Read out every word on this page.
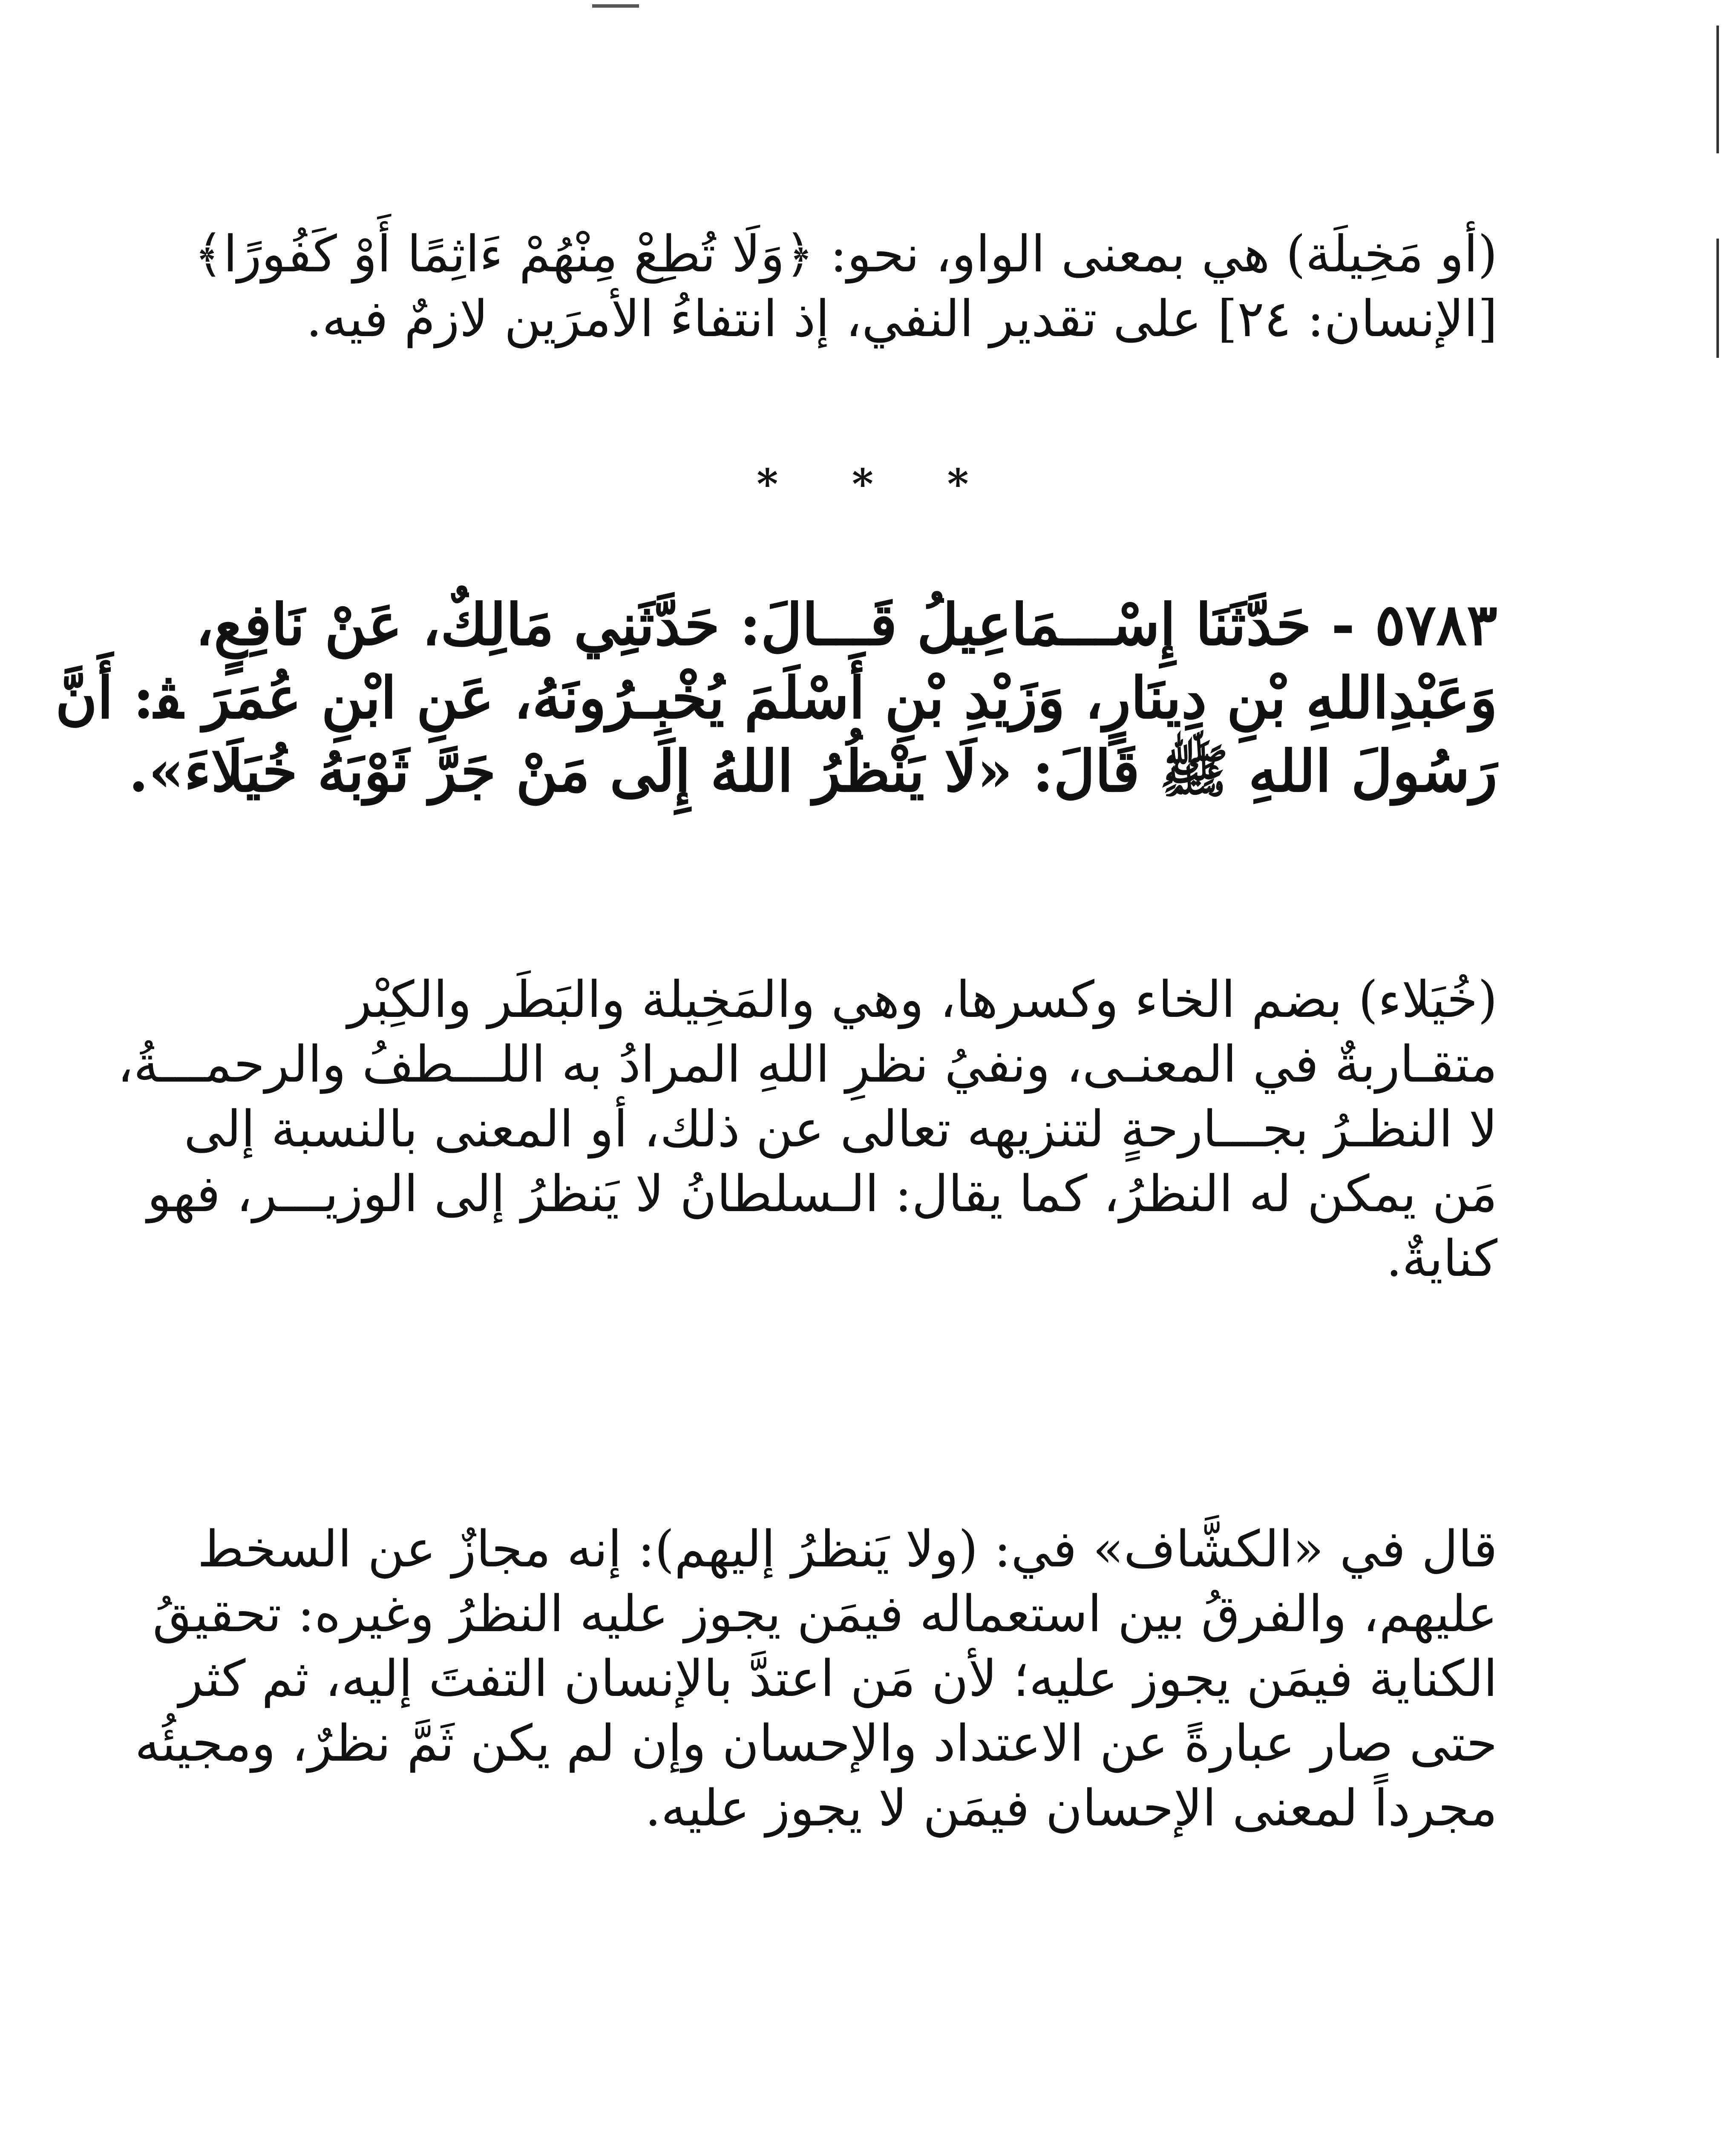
(أو مَخِيلَة) هي بمعنى الواو، نحو: ﴿وَلَا تُطِعْ مِنْهُمْ ءَاثِمًا أَوْ كَفُورًا﴾
[الإنسان: ٢٤] على تقدير النفي، إذ انتفاءُ الأمرَين لازمٌ فيه.
* * *
٥٧٨٣ - حَدَّثَنَا إِسْـــمَاعِيلُ قَـــالَ: حَدَّثَنِي مَالِكٌ، عَنْ نَافِعٍ،
وَعَبْدِاللهِ بْنِ دِينَارٍ، وَزَيْدِ بْنِ أَسْلَمَ يُخْبِـرُونَهُ، عَنِ ابْنِ عُمَرَ ﭭ: أَنَّ
رَسُولَ اللهِ ﷺ قَالَ: «لَا يَنْظُرُ اللهُ إِلَى مَنْ جَرَّ ثَوْبَهُ خُيَلَاءَ».
(خُيَلاء) بضم الخاء وكسرها، وهي والمَخِيلة والبَطَر والكِبْر
متقـاربةٌ في المعنـى، ونفيُ نظرِ اللهِ المرادُ به اللـــطفُ والرحمـــةُ،
لا النظـرُ بجـــارحةٍ لتنزيهه تعالى عن ذلك، أو المعنى بالنسبة إلى
مَن يمكن له النظرُ، كما يقال: الـسلطانُ لا يَنظرُ إلى الوزيـــر، فهو
كنايةٌ.
قال في «الكشَّاف» في: (ولا يَنظرُ إليهم): إنه مجازٌ عن السخط
عليهم، والفرقُ بين استعماله فيمَن يجوز عليه النظرُ وغيره: تحقيقُ
الكناية فيمَن يجوز عليه؛ لأن مَن اعتدَّ بالإنسان التفتَ إليه، ثم كثر
حتى صار عبارةً عن الاعتداد والإحسان وإن لم يكن ثَمَّ نظرٌ، ومجيئُه
مجرداً لمعنى الإحسان فيمَن لا يجوز عليه.
